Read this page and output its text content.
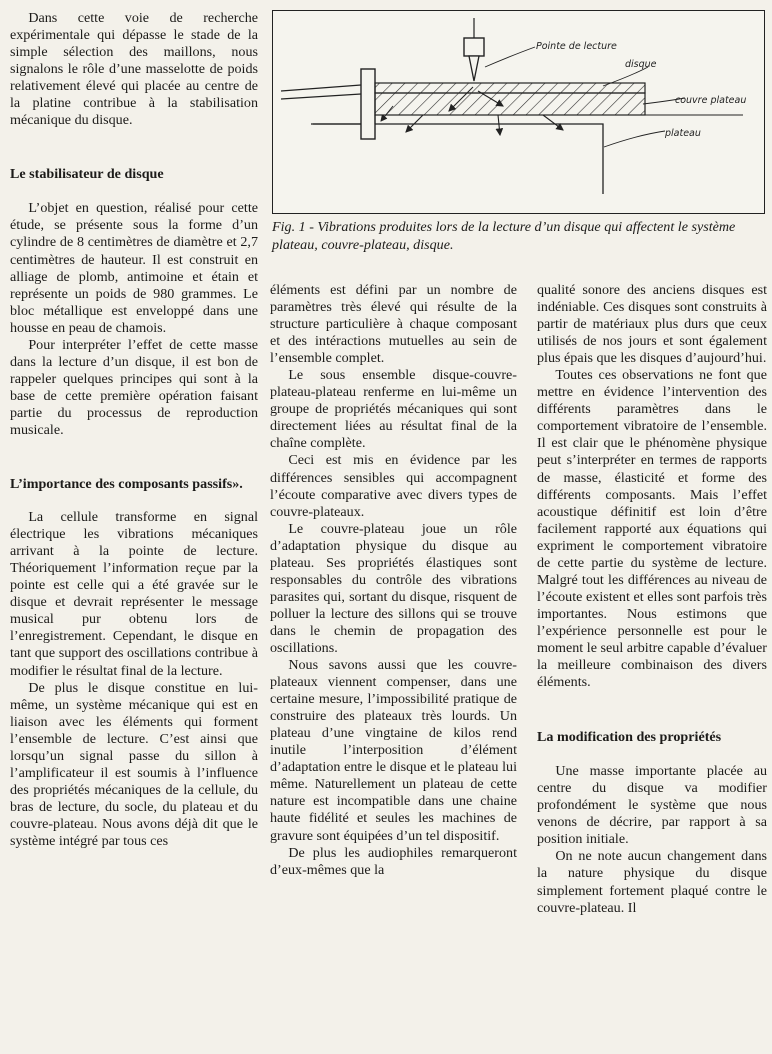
Dans cette voie de recherche expérimentale qui dépasse le stade de la simple sélection des maillons, nous signalons le rôle d’une masselotte de poids relativement élevé qui placée au centre de la platine contribue à la stabilisation mécanique du disque.

Le stabilisateur de disque

L’objet en question, réalisé pour cette étude, se présente sous la forme d’un cylindre de 8 centimètres de diamètre et 2,7 centimètres de hauteur. Il est construit en alliage de plomb, antimoine et étain et représente un poids de 980 grammes. Le bloc métallique est enveloppé dans une housse en peau de chamois.

Pour interpréter l’effet de cette masse dans la lecture d’un disque, il est bon de rappeler quelques principes qui sont à la base de cette première opération faisant partie du processus de reproduction musicale.

L’importance des composants passifs».

La cellule transforme en signal électrique les vibrations mécaniques arrivant à la pointe de lecture. Théoriquement l’information reçue par la pointe est celle qui a été gravée sur le disque et devrait représenter le message musical pur obtenu lors de l’enregistrement. Cependant, le disque en tant que support des oscillations contribue à modifier le résultat final de la lecture.

De plus le disque constitue en lui-même, un système mécanique qui est en liaison avec les éléments qui forment l’ensemble de lecture. C’est ainsi que lorsqu’un signal passe du sillon à l’amplificateur il est soumis à l’influence des propriétés mécaniques de la cellule, du bras de lecture, du socle, du plateau et du couvre-plateau. Nous avons déjà dit que le système intégré par tous ces

Pointe de lecture
disque
couvre plateau
plateau

Fig. 1 - Vibrations produites lors de la lecture d’un disque qui affectent le système plateau, couvre-plateau, disque.

éléments est défini par un nombre de paramètres très élevé qui résulte de la structure particulière à chaque composant et des intéractions mutuelles au sein de l’ensemble complet.

Le sous ensemble disque-couvre-plateau-plateau renferme en lui-même un groupe de propriétés mécaniques qui sont directement liées au résultat final de la chaîne complète.

Ceci est mis en évidence par les différences sensibles qui accompagnent l’écoute comparative avec divers types de couvre-plateaux.

Le couvre-plateau joue un rôle d’adaptation physique du disque au plateau. Ses propriétés élastiques sont responsables du contrôle des vibrations parasites qui, sortant du disque, risquent de polluer la lecture des sillons qui se trouve dans le chemin de propagation des oscillations.

Nous savons aussi que les couvre-plateaux viennent compenser, dans une certaine mesure, l’impossibilité pratique de construire des plateaux très lourds. Un plateau d’une vingtaine de kilos rend inutile l’interposition d’élément d’adaptation entre le disque et le plateau lui même. Naturellement un plateau de cette nature est incompatible dans une chaine haute fidélité et seules les machines de gravure sont équipées d’un tel dispositif.

De plus les audiophiles remarqueront d’eux-mêmes que la

qualité sonore des anciens disques est indéniable. Ces disques sont construits à partir de matériaux plus durs que ceux utilisés de nos jours et sont également plus épais que les disques d’aujourd’hui.

Toutes ces observations ne font que mettre en évidence l’intervention des différents paramètres dans le comportement vibratoire de l’ensemble. Il est clair que le phénomène physique peut s’interpréter en termes de rapports de masse, élasticité et forme des différents composants. Mais l’effet acoustique définitif est loin d’être facilement rapporté aux équations qui expriment le comportement vibratoire de cette partie du système de lecture. Malgré tout les différences au niveau de l’écoute existent et elles sont parfois très importantes. Nous estimons que l’expérience personnelle est pour le moment le seul arbitre capable d’évaluer la meilleure combinaison des divers éléments.

La modification des propriétés

Une masse importante placée au centre du disque va modifier profondément le système que nous venons de décrire, par rapport à sa position initiale.

On ne note aucun changement dans la nature physique du disque simplement fortement plaqué contre le couvre-plateau. Il
